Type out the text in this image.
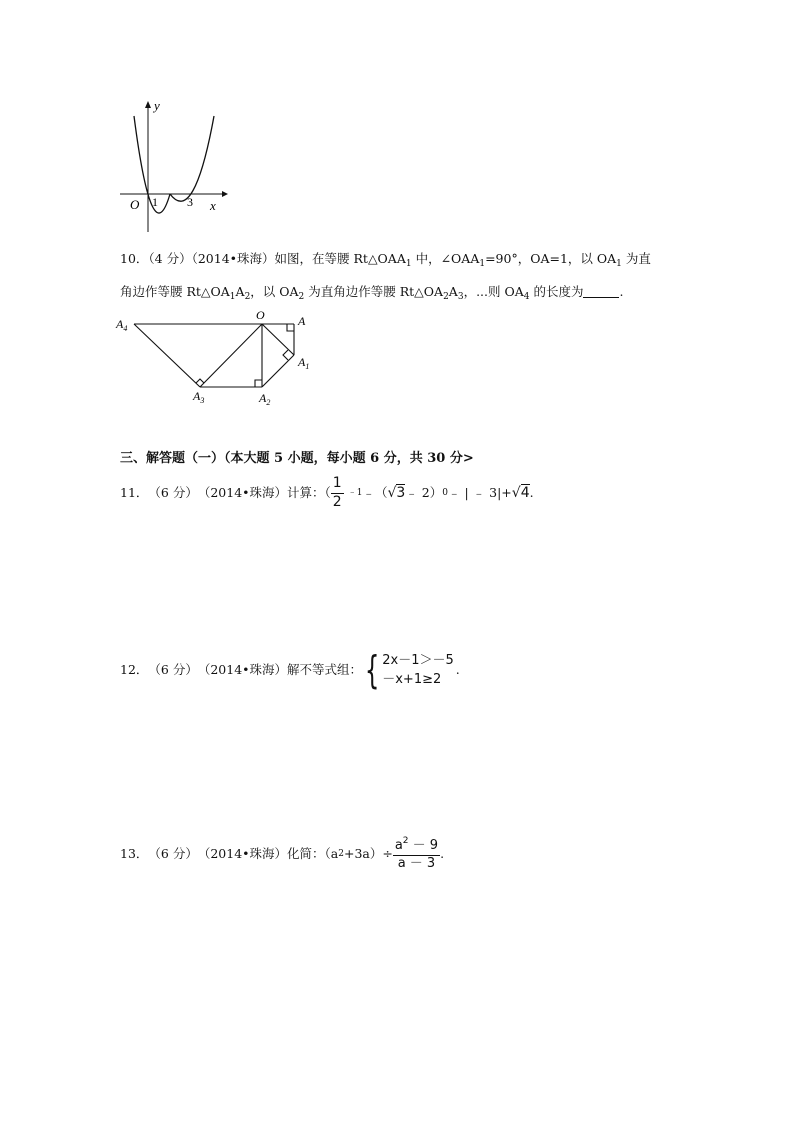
y
x
O 1 3
10．（4 分）（2014•珠海）如图，在等腰 $Rt\triangle OAA_1$ 中，$\angle OAA_1=90^\circ$，OA=1，以 $OA_1$ 为直
角边作等腰 $Rt\triangle OA_1A_2$，以 $OA_2$ 为直角边作等腰 $Rt\triangle OA_2A_3$，...则 $OA_4$ 的长度为	.
$A_4$
O	A
$A_1$
$A_2$
$A_3$
三、解答题（一）（本大题 5 小题，每小题 6 分，共 30 分>
11． （6 分） （2014•珠海） 计算：（ $\frac{1}{2}$ ﹣1 ﹣（ √3 ﹣ 2） 0 ﹣ | ﹣ 3|+ √4 .
12． （6 分） （2014•珠海） 解不等式组： { 2x－1＞－5
－x+1≥2
.
13． （6 分） （2014•珠海） 化简：（a $2 +3a)\div \frac{a^2 - 9}{a - 3}$ .
